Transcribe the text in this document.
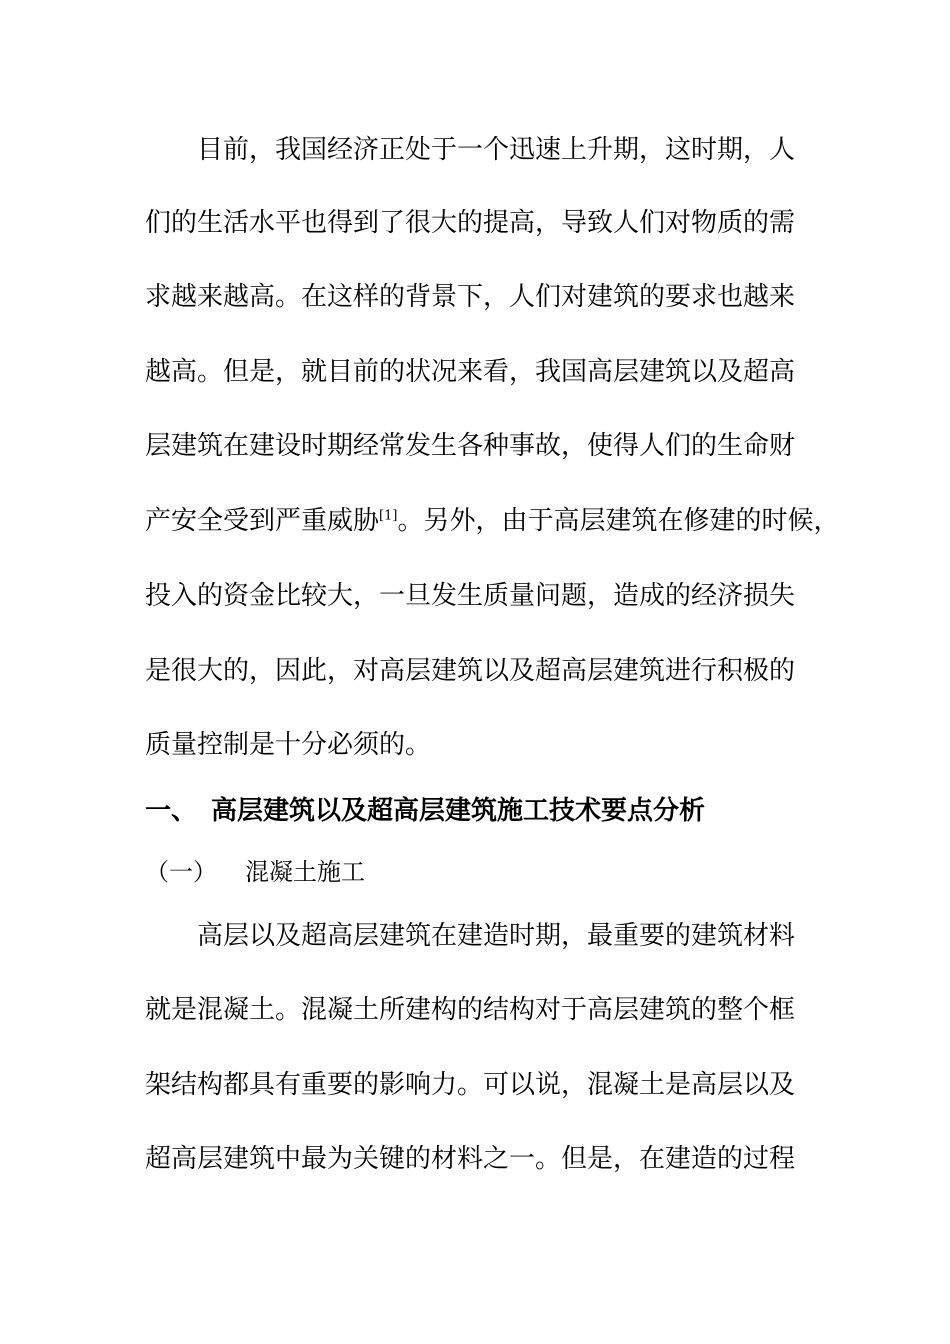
目前，我国经济正处于一个迅速上升期，这时期，人
们的生活水平也得到了很大的提高，导致人们对物质的需
求越来越高。在这样的背景下，人们对建筑的要求也越来
越高。但是，就目前的状况来看，我国高层建筑以及超高
层建筑在建设时期经常发生各种事故，使得人们的生命财
产安全受到严重威胁[1]。另外，由于高层建筑在修建的时候，
投入的资金比较大，一旦发生质量问题，造成的经济损失
是很大的，因此，对高层建筑以及超高层建筑进行积极的
质量控制是十分必须的。
一、 高层建筑以及超高层建筑施工技术要点分析
（一） 混凝土施工
高层以及超高层建筑在建造时期，最重要的建筑材料
就是混凝土。混凝土所建构的结构对于高层建筑的整个框
架结构都具有重要的影响力。可以说，混凝土是高层以及
超高层建筑中最为关键的材料之一。但是，在建造的过程
